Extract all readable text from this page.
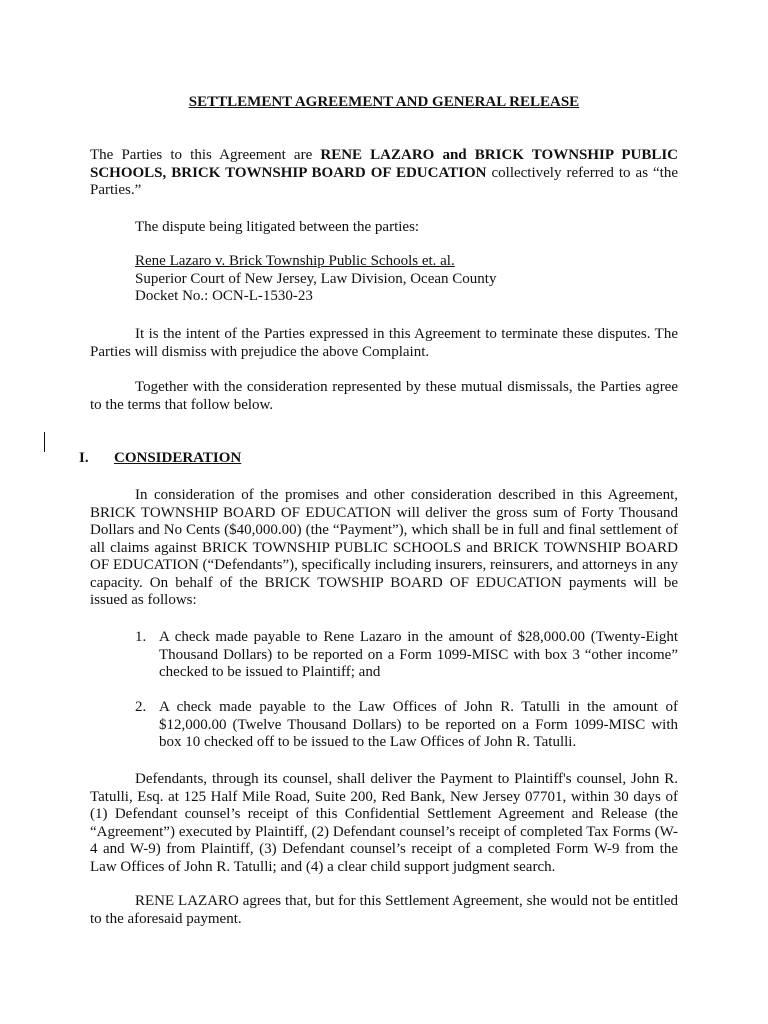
SETTLEMENT AGREEMENT AND GENERAL RELEASE
The Parties to this Agreement are RENE LAZARO and BRICK TOWNSHIP PUBLIC SCHOOLS, BRICK TOWNSHIP BOARD OF EDUCATION collectively referred to as “the Parties.”
The dispute being litigated between the parties:
Rene Lazaro v. Brick Township Public Schools et. al.
Superior Court of New Jersey, Law Division, Ocean County
Docket No.: OCN-L-1530-23
It is the intent of the Parties expressed in this Agreement to terminate these disputes. The Parties will dismiss with prejudice the above Complaint.
Together with the consideration represented by these mutual dismissals, the Parties agree to the terms that follow below.
I. CONSIDERATION
In consideration of the promises and other consideration described in this Agreement, BRICK TOWNSHIP BOARD OF EDUCATION will deliver the gross sum of Forty Thousand Dollars and No Cents ($40,000.00) (the “Payment”), which shall be in full and final settlement of all claims against BRICK TOWNSHIP PUBLIC SCHOOLS and BRICK TOWNSHIP BOARD OF EDUCATION (“Defendants”), specifically including insurers, reinsurers, and attorneys in any capacity. On behalf of the BRICK TOWSHIP BOARD OF EDUCATION payments will be issued as follows:
1. A check made payable to Rene Lazaro in the amount of $28,000.00 (Twenty-Eight Thousand Dollars) to be reported on a Form 1099-MISC with box 3 “other income” checked to be issued to Plaintiff; and
2. A check made payable to the Law Offices of John R. Tatulli in the amount of $12,000.00 (Twelve Thousand Dollars) to be reported on a Form 1099-MISC with box 10 checked off to be issued to the Law Offices of John R. Tatulli.
Defendants, through its counsel, shall deliver the Payment to Plaintiff's counsel, John R. Tatulli, Esq. at 125 Half Mile Road, Suite 200, Red Bank, New Jersey 07701, within 30 days of (1) Defendant counsel’s receipt of this Confidential Settlement Agreement and Release (the “Agreement”) executed by Plaintiff, (2) Defendant counsel’s receipt of completed Tax Forms (W-4 and W-9) from Plaintiff, (3) Defendant counsel’s receipt of a completed Form W-9 from the Law Offices of John R. Tatulli; and (4) a clear child support judgment search.
RENE LAZARO agrees that, but for this Settlement Agreement, she would not be entitled to the aforesaid payment.
